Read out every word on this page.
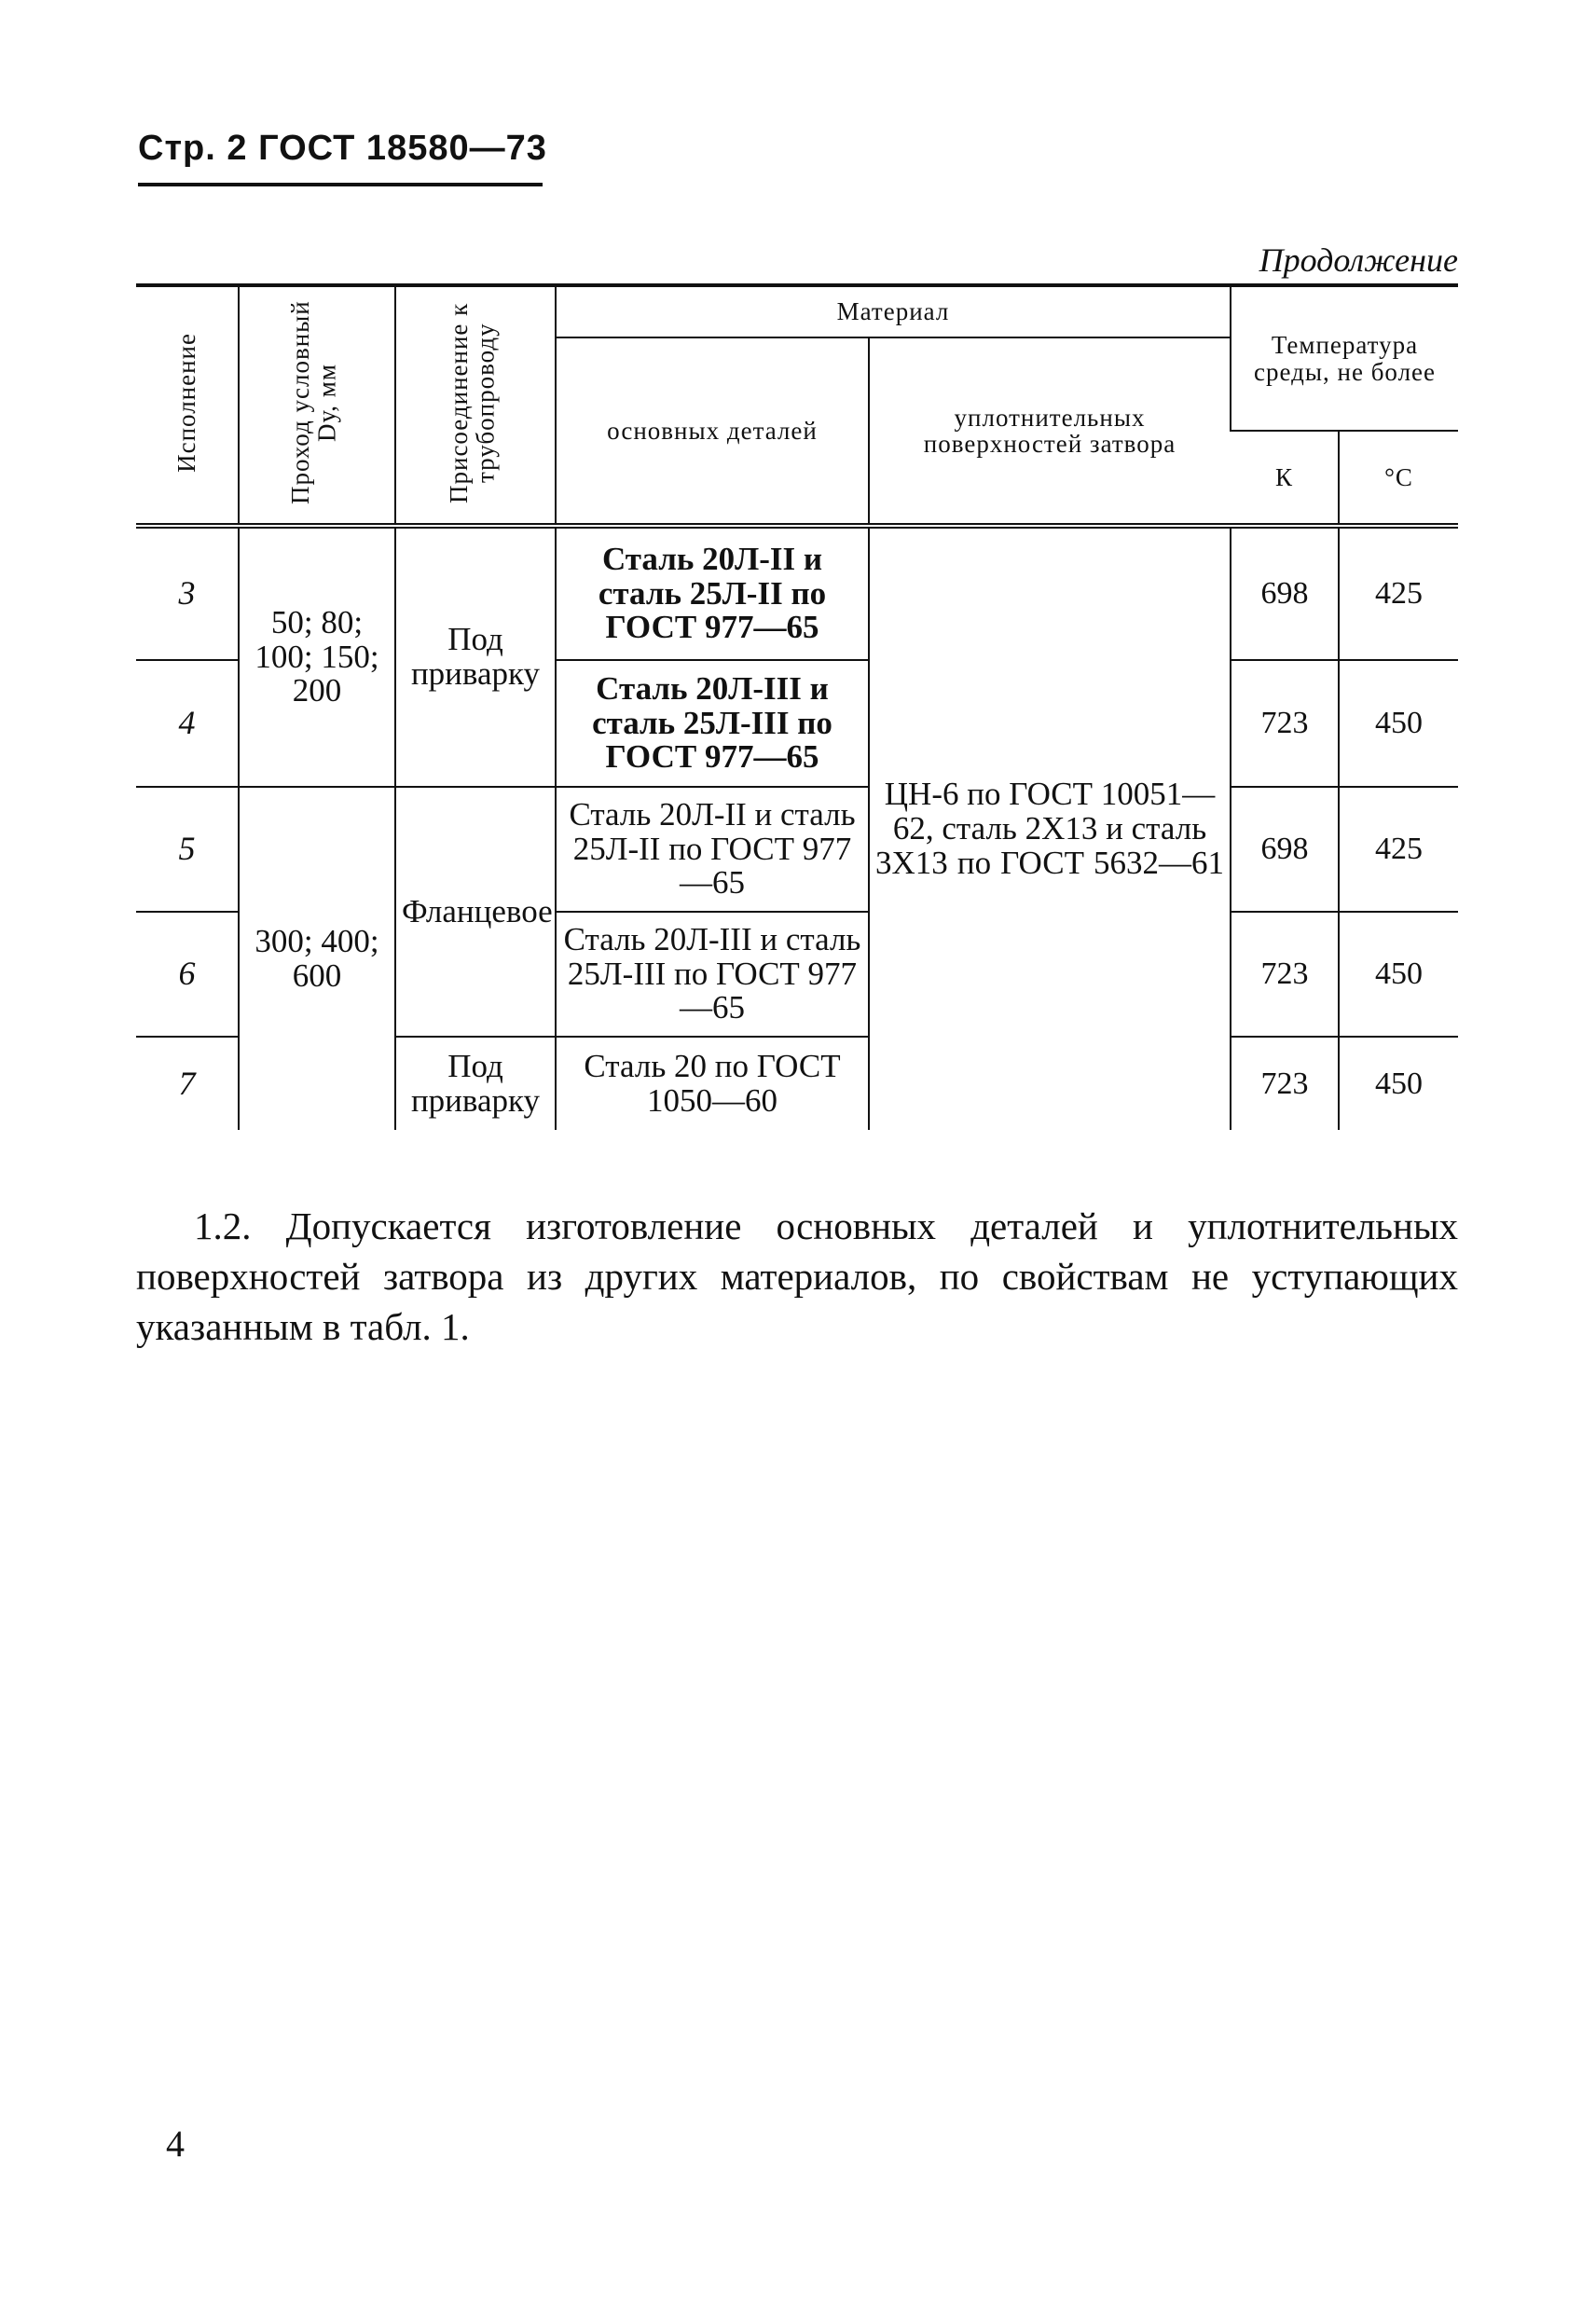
Стр. 2 ГОСТ 18580—73
Продолжение
Исполнение	Проход условный Dу, мм	Присоединение к трубопроводу	Материал		Температура среды, не более	
			основных деталей	уплотнительных поверхностей затвора		
					К	°С
3	50; 80; 100; 150; 200	Под приварку	Сталь 20Л-II и сталь 25Л-II по ГОСТ 977—65	ЦН-6 по ГОСТ 10051—62, сталь 2Х13 и сталь 3Х13 по ГОСТ 5632—61	698	425
4			Сталь 20Л-III и сталь 25Л-III по ГОСТ 977—65		723	450
5	300; 400; 600	Фланцевое	Сталь 20Л-II и сталь 25Л-II по ГОСТ 977—65		698	425
6			Сталь 20Л-III и сталь 25Л-III по ГОСТ 977—65		723	450
7		Под приварку	Сталь 20 по ГОСТ 1050—60		723	450
1.2. Допускается изготовление основных деталей и уплотнительных поверхностей затвора из других материалов, по свойствам не уступающих указанным в табл. 1.
4
